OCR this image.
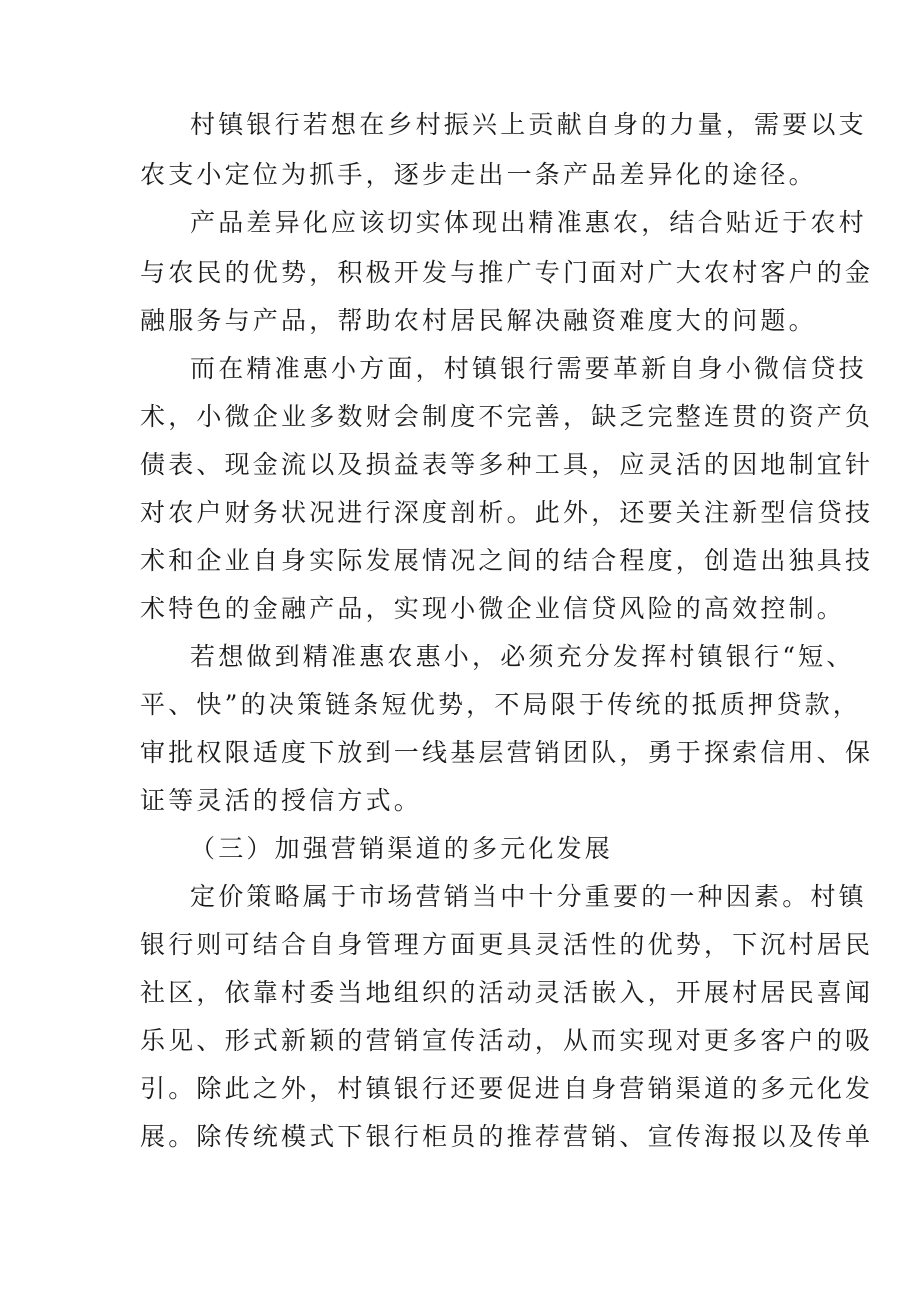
村镇银行若想在乡村振兴上贡献自身的力量，需要以支
农支小定位为抓手，逐步走出一条产品差异化的途径。
产品差异化应该切实体现出精准惠农，结合贴近于农村
与农民的优势，积极开发与推广专门面对广大农村客户的金
融服务与产品，帮助农村居民解决融资难度大的问题。
而在精准惠小方面，村镇银行需要革新自身小微信贷技
术，小微企业多数财会制度不完善，缺乏完整连贯的资产负
债表、现金流以及损益表等多种工具，应灵活的因地制宜针
对农户财务状况进行深度剖析。此外，还要关注新型信贷技
术和企业自身实际发展情况之间的结合程度，创造出独具技
术特色的金融产品，实现小微企业信贷风险的高效控制。
若想做到精准惠农惠小，必须充分发挥村镇银行“短、
平、快”的决策链条短优势，不局限于传统的抵质押贷款，
审批权限适度下放到一线基层营销团队，勇于探索信用、保
证等灵活的授信方式。
（三）加强营销渠道的多元化发展
定价策略属于市场营销当中十分重要的一种因素。村镇
银行则可结合自身管理方面更具灵活性的优势，下沉村居民
社区，依靠村委当地组织的活动灵活嵌入，开展村居民喜闻
乐见、形式新颖的营销宣传活动，从而实现对更多客户的吸
引。除此之外，村镇银行还要促进自身营销渠道的多元化发
展。除传统模式下银行柜员的推荐营销、宣传海报以及传单
